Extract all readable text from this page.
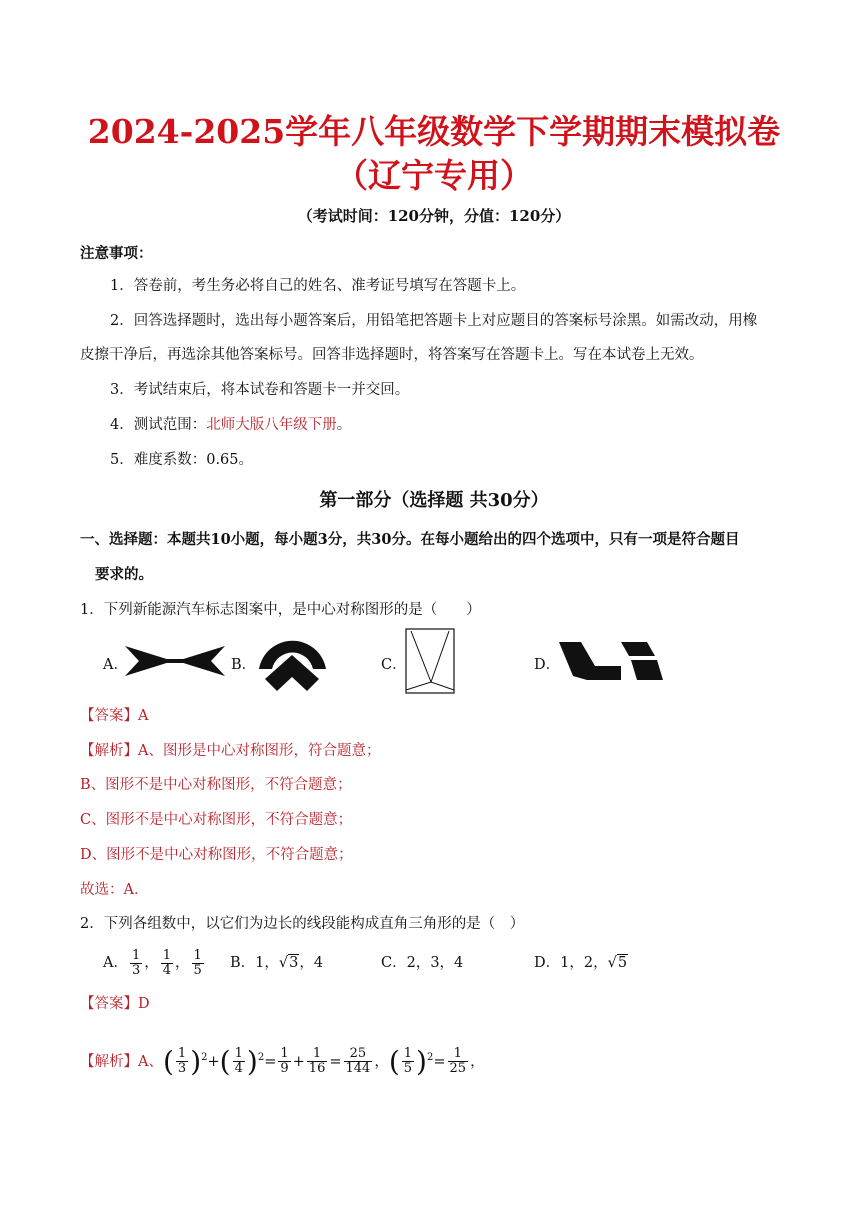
2024-2025学年八年级数学下学期期末模拟卷
（辽宁专用）
（考试时间：120分钟，分值：120分）
注意事项：
1．答卷前，考生务必将自己的姓名、准考证号填写在答题卡上。
2．回答选择题时，选出每小题答案后，用铅笔把答题卡上对应题目的答案标号涂黑。如需改动，用橡
皮擦干净后，再选涂其他答案标号。回答非选择题时，将答案写在答题卡上。写在本试卷上无效。
3．考试结束后，将本试卷和答题卡一并交回。
4．测试范围：北师大版八年级下册。
5．难度系数：0.65。
第一部分（选择题 共30分）
一、选择题：本题共10小题，每小题3分，共30分。在每小题给出的四个选项中，只有一项是符合题目
要求的。
1．下列新能源汽车标志图案中，是中心对称图形的是（　　）
A．	B．	C．	D．
【答案】A
【解析】A、图形是中心对称图形，符合题意；
B、图形不是中心对称图形，不符合题意；
C、图形不是中心对称图形，不符合题意；
D、图形不是中心对称图形，不符合题意；
故选：A．
2．下列各组数中，以它们为边长的线段能构成直角三角形的是（　）
A． $\frac{1}{3}$ ， $\frac{1}{4}$ ， $\frac{1}{5}$ B．1，√3，4	C．2，3，4	D．1，2，√5
【答案】D
【解析】A、( $\frac{1}{3} )^2+( \frac{1}{4} )^2= \frac{1}{9} + \frac{1}{16} = \frac{25}{144}$ ，( $\frac{1}{5} )^2= \frac{1}{25}$ ，
